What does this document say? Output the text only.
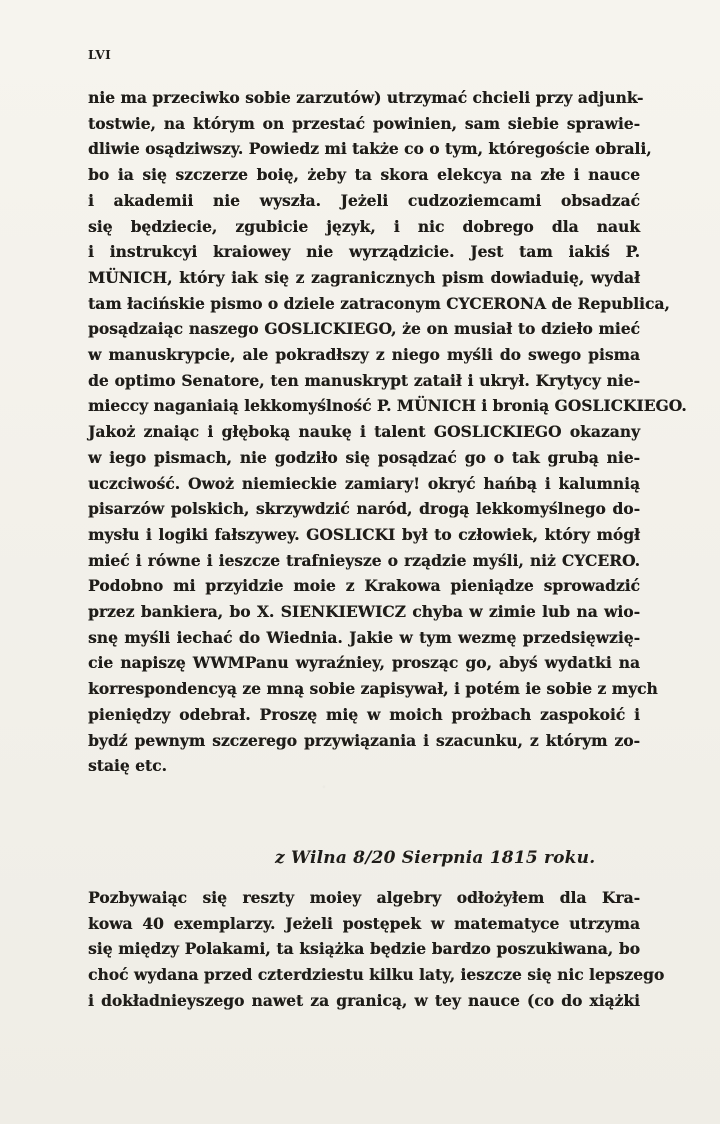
LVI
nie ma przeciwko sobie zarzutów) utrzymać chcieli przy adjunk-
tostwie, na którym on przestać powinien, sam siebie sprawie-
dliwie osądziwszy. Powiedz mi także co o tym, któregoście obrali,
bo ia się szczerze boię, żeby ta skora elekcya na złe i nauce
i akademii nie wyszła. Jeżeli cudzoziemcami obsadzać
się będziecie, zgubicie język, i nic dobrego dla nauk
i instrukcyi kraiowey nie wyrządzicie. Jest tam iakiś P.
MÜNICH, który iak się z zagranicznych pism dowiaduię, wydał
tam łacińskie pismo o dziele zatraconym CYCERONA de Republica,
posądzaiąc naszego GOSLICKIEGO, że on musiał to dzieło mieć
w manuskrypcie, ale pokradłszy z niego myśli do swego pisma
de optimo Senatore, ten manuskrypt zataił i ukrył. Krytycy nie-
mieccy naganiaią lekkomyślność P. MÜNICH i bronią GOSLICKIEGO.
Jakoż znaiąc i głęboką naukę i talent GOSLICKIEGO okazany
w iego pismach, nie godziło się posądzać go o tak grubą nie-
uczciwość. Owoż niemieckie zamiary! okryć hańbą i kalumnią
pisarzów polskich, skrzywdzić naród, drogą lekkomyślnego do-
mysłu i logiki fałszywey. GOSLICKI był to człowiek, który mógł
mieć i równe i ieszcze trafnieysze o rządzie myśli, niż CYCERO.
Podobno mi przyidzie moie z Krakowa pieniądze sprowadzić
przez bankiera, bo X. SIENKIEWICZ chyba w zimie lub na wio-
snę myśli iechać do Wiednia. Jakie w tym wezmę przedsięwzię-
cie napiszę WWMPanu wyraźniey, prosząc go, abyś wydatki na
korrespondencyą ze mną sobie zapisywał, i potém ie sobie z mych
pieniędzy odebrał. Proszę mię w moich prożbach zaspokoić i
bydź pewnym szczerego przywiązania i szacunku, z którym zo-
staię etc.
z Wilna 8/20 Sierpnia 1815 roku.
Pozbywaiąc się reszty moiey algebry odłożyłem dla Kra-
kowa 40 exemplarzy. Jeżeli postępek w matematyce utrzyma
się między Polakami, ta książka będzie bardzo poszukiwana, bo
choć wydana przed czterdziestu kilku laty, ieszcze się nic lepszego
i dokładnieyszego nawet za granicą, w tey nauce (co do xiążki
